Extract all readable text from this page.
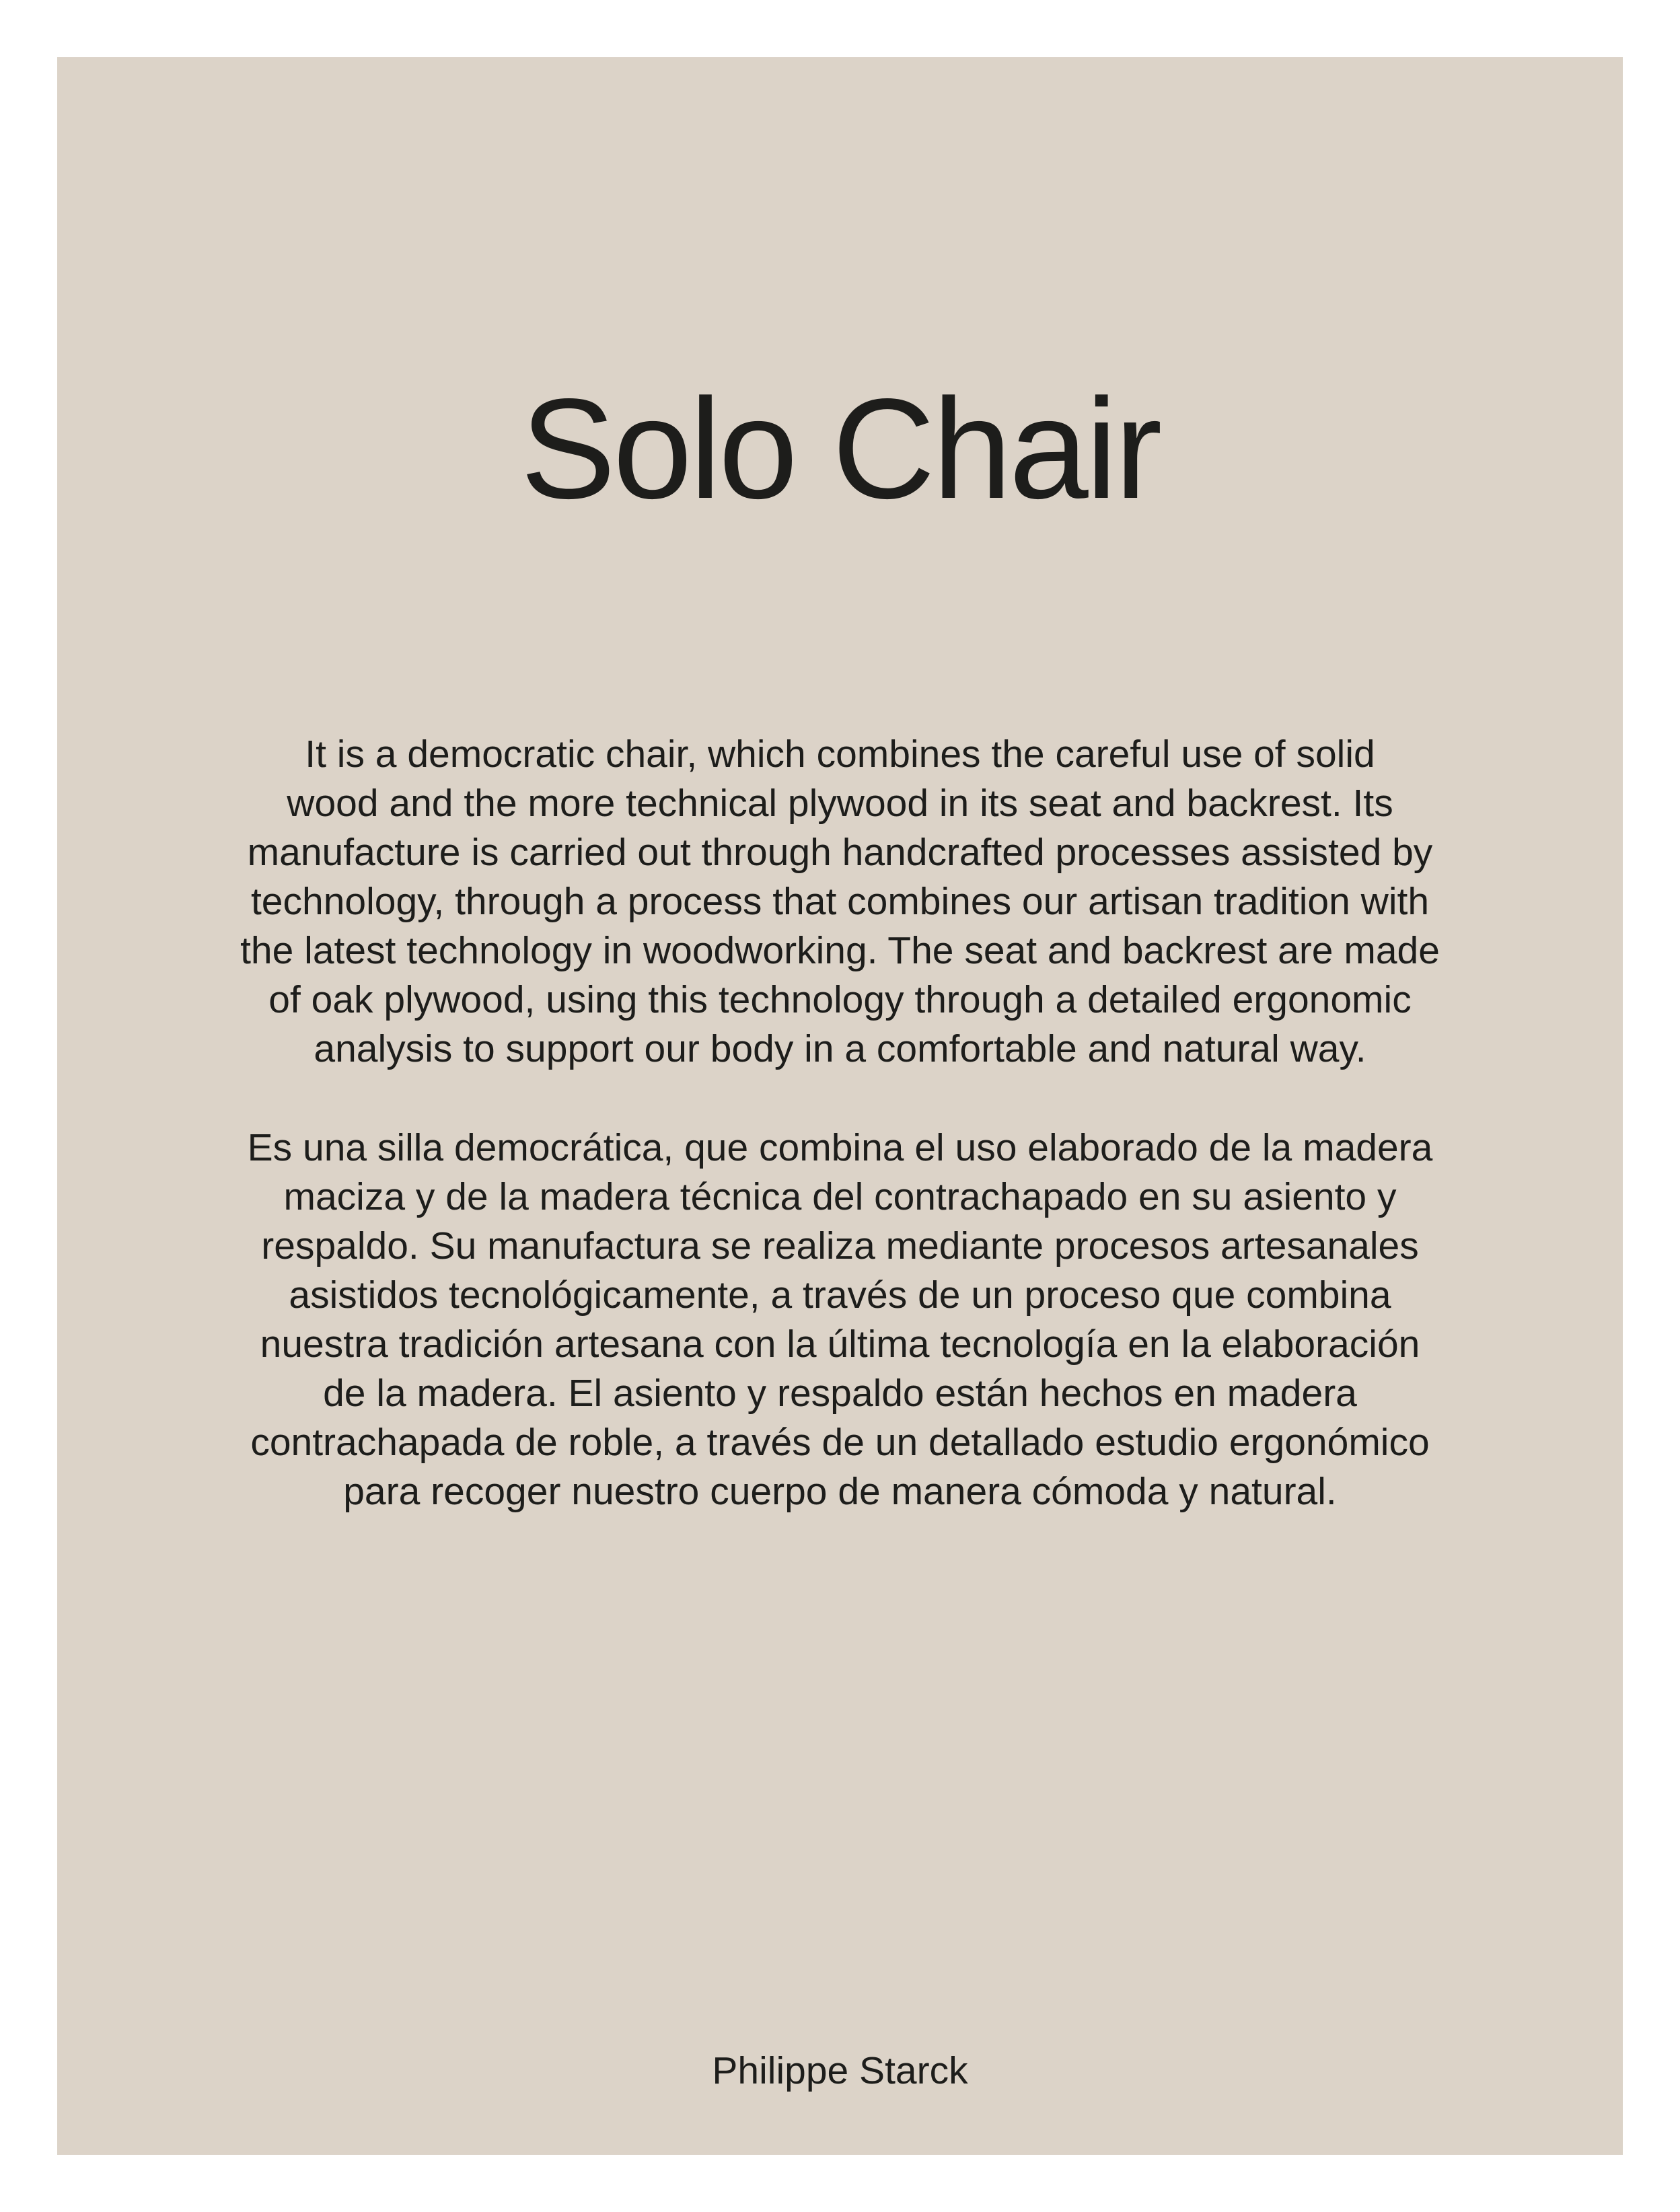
Solo Chair

It is a democratic chair, which combines the careful use of solid
wood and the more technical plywood in its seat and backrest. Its
manufacture is carried out through handcrafted processes assisted by
technology, through a process that combines our artisan tradition with
the latest technology in woodworking. The seat and backrest are made
of oak plywood, using this technology through a detailed ergonomic
analysis to support our body in a comfortable and natural way.

Es una silla democrática, que combina el uso elaborado de la madera
maciza y de la madera técnica del contrachapado en su asiento y
respaldo. Su manufactura se realiza mediante procesos artesanales
asistidos tecnológicamente, a través de un proceso que combina
nuestra tradición artesana con la última tecnología en la elaboración
de la madera. El asiento y respaldo están hechos en madera
contrachapada de roble, a través de un detallado estudio ergonómico
para recoger nuestro cuerpo de manera cómoda y natural.

Philippe Starck
